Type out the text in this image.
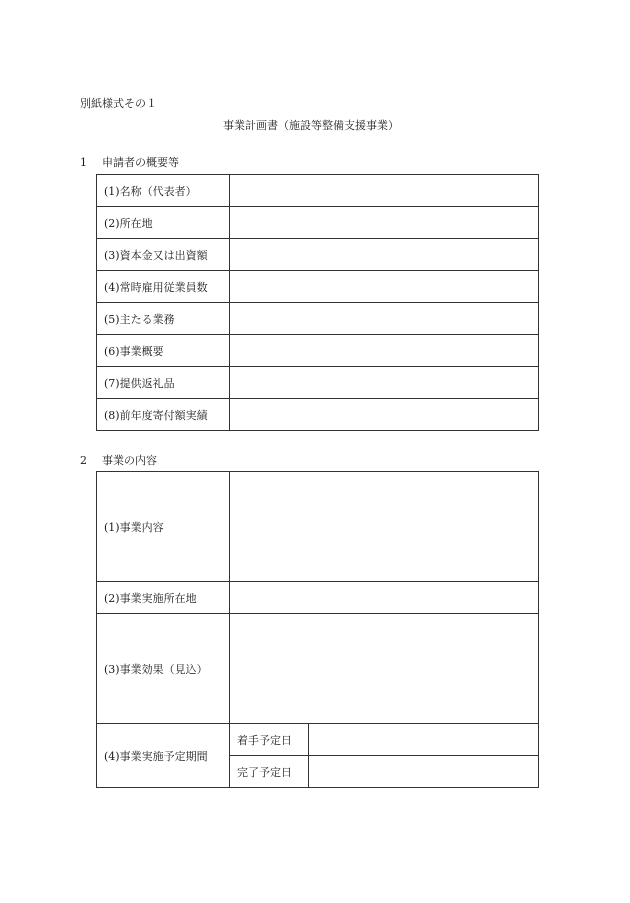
別紙様式その１
事業計画書（施設等整備支援事業）
1 申請者の概要等
(1)名称（代表者）	
(2)所在地	
(3)資本金又は出資額	
(4)常時雇用従業員数	
(5)主たる業務	
(6)事業概要	
(7)提供返礼品	
(8)前年度寄付額実績	
2 事業の内容
(1)事業内容		
(2)事業実施所在地		
(3)事業効果（見込）		
(4)事業実施予定期間	着手予定日	
	完了予定日	
